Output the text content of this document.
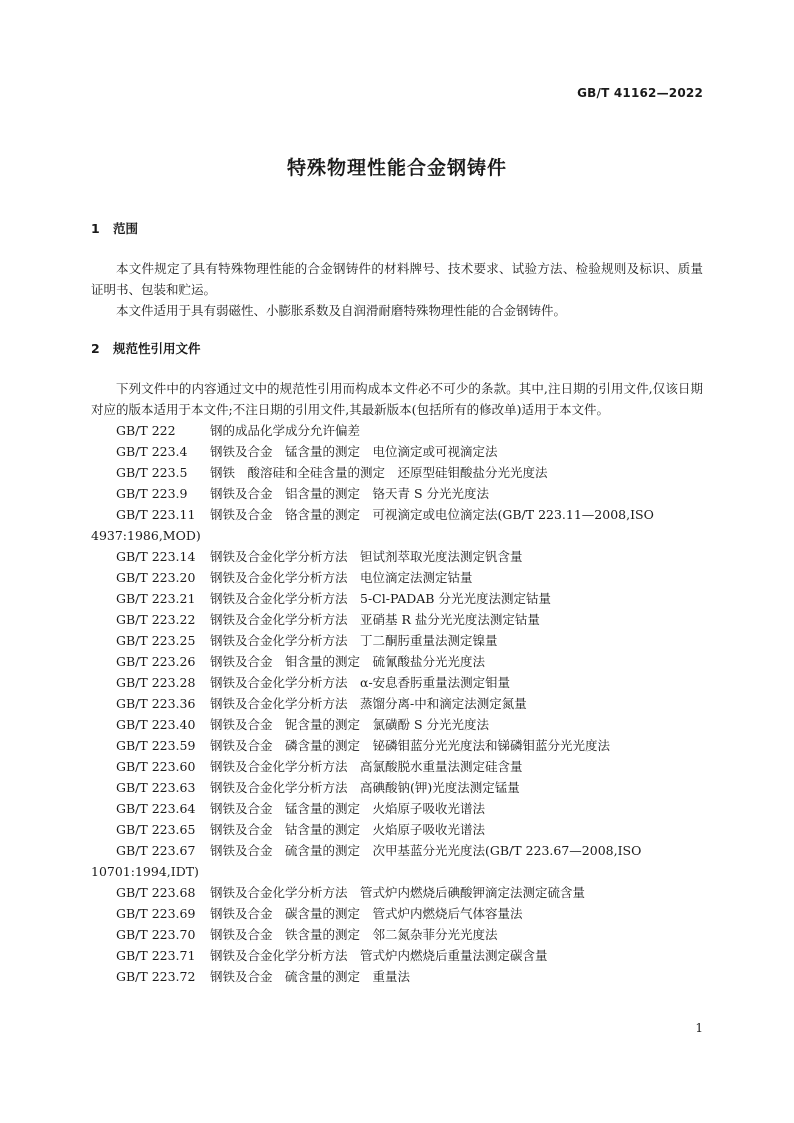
GB/T 41162—2022
特殊物理性能合金钢铸件
1 范围

本文件规定了具有特殊物理性能的合金钢铸件的材料牌号、技术要求、试验方法、检验规则及标识、质量证明书、包装和贮运。

本文件适用于具有弱磁性、小膨胀系数及自润滑耐磨特殊物理性能的合金钢铸件。

2 规范性引用文件

下列文件中的内容通过文中的规范性引用而构成本文件必不可少的条款。其中,注日期的引用文件,仅该日期对应的版本适用于本文件;不注日期的引用文件,其最新版本(包括所有的修改单)适用于本文件。

GB/T 222	钢的成品化学成分允许偏差
GB/T 223.4 钢铁及合金　锰含量的测定　电位滴定或可视滴定法
GB/T 223.5 钢铁　酸溶硅和全硅含量的测定　还原型硅钼酸盐分光光度法
GB/T 223.9 钢铁及合金　铝含量的测定　铬天青 S 分光光度法
GB/T 223.11 钢铁及合金　铬含量的测定　可视滴定或电位滴定法(GB/T 223.11—2008,ISO 4937:1986,MOD)
GB/T 223.14 钢铁及合金化学分析方法　钽试剂萃取光度法测定钒含量
GB/T 223.20 钢铁及合金化学分析方法　电位滴定法测定钴量
GB/T 223.21 钢铁及合金化学分析方法　5-Cl-PADAB 分光光度法测定钴量
GB/T 223.22 钢铁及合金化学分析方法　亚硝基 R 盐分光光度法测定钴量
GB/T 223.25 钢铁及合金化学分析方法　丁二酮肟重量法测定镍量
GB/T 223.26 钢铁及合金　钼含量的测定　硫氰酸盐分光光度法
GB/T 223.28 钢铁及合金化学分析方法　α-安息香肟重量法测定钼量
GB/T 223.36 钢铁及合金化学分析方法　蒸馏分离-中和滴定法测定氮量
GB/T 223.40 钢铁及合金　铌含量的测定　氯磺酚 S 分光光度法
GB/T 223.59 钢铁及合金　磷含量的测定　铋磷钼蓝分光光度法和锑磷钼蓝分光光度法
GB/T 223.60 钢铁及合金化学分析方法　高氯酸脱水重量法测定硅含量
GB/T 223.63 钢铁及合金化学分析方法　高碘酸钠(钾)光度法测定锰量
GB/T 223.64 钢铁及合金　锰含量的测定　火焰原子吸收光谱法
GB/T 223.65 钢铁及合金　钴含量的测定　火焰原子吸收光谱法
GB/T 223.67 钢铁及合金　硫含量的测定　次甲基蓝分光光度法(GB/T 223.67—2008,ISO 10701:1994,IDT)
GB/T 223.68 钢铁及合金化学分析方法　管式炉内燃烧后碘酸钾滴定法测定硫含量
GB/T 223.69 钢铁及合金　碳含量的测定　管式炉内燃烧后气体容量法
GB/T 223.70 钢铁及合金　铁含量的测定　邻二氮杂菲分光光度法
GB/T 223.71 钢铁及合金化学分析方法　管式炉内燃烧后重量法测定碳含量
GB/T 223.72 钢铁及合金　硫含量的测定　重量法
1
